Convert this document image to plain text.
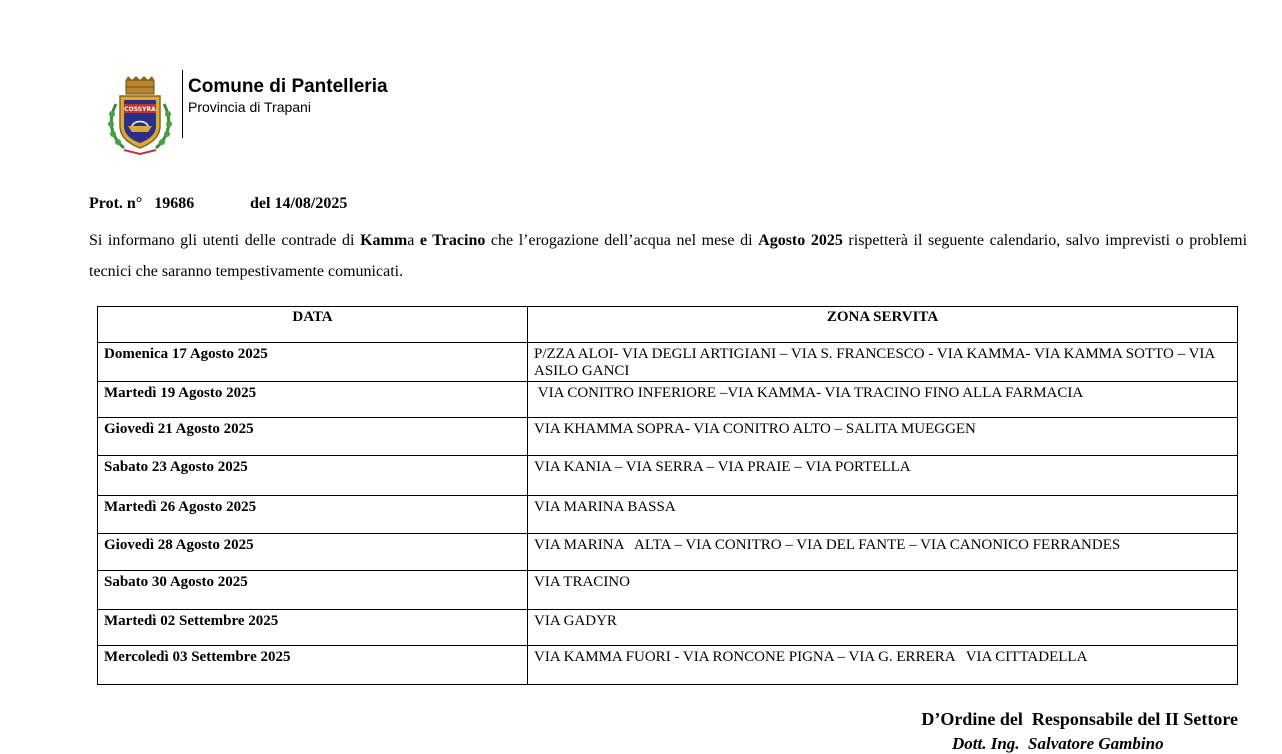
COSSYRA
Comune di Pantelleria
Provincia di Trapani
Prot. n° 19686	del 14/08/2025
Si informano gli utenti delle contrade di Kamma e Tracino che l’erogazione dell’acqua nel mese di Agosto 2025 rispetterà il seguente calendario, salvo imprevisti o problemi tecnici che saranno tempestivamente comunicati.
DATA	ZONA SERVITA
Domenica 17 Agosto 2025	P/ZZA ALOI- VIA DEGLI ARTIGIANI – VIA S. FRANCESCO - VIA KAMMA- VIA KAMMA SOTTO – VIA ASILO GANCI
Martedì 19 Agosto 2025	VIA CONITRO INFERIORE –VIA KAMMA- VIA TRACINO FINO ALLA FARMACIA
Giovedì 21 Agosto 2025	VIA KHAMMA SOPRA- VIA CONITRO ALTO – SALITA MUEGGEN
Sabato 23 Agosto 2025	VIA KANIA – VIA SERRA – VIA PRAIE – VIA PORTELLA
Martedì 26 Agosto 2025	VIA MARINA BASSA
Giovedì 28 Agosto 2025	VIA MARINA   ALTA – VIA CONITRO – VIA DEL FANTE – VIA CANONICO FERRANDES
Sabato 30 Agosto 2025	VIA TRACINO
Martedì 02 Settembre 2025	VIA GADYR
Mercoledì 03 Settembre 2025	VIA KAMMA FUORI - VIA RONCONE PIGNA – VIA G. ERRERA   VIA CITTADELLA
D’Ordine del  Responsabile del II Settore
Dott. Ing.  Salvatore Gambino
